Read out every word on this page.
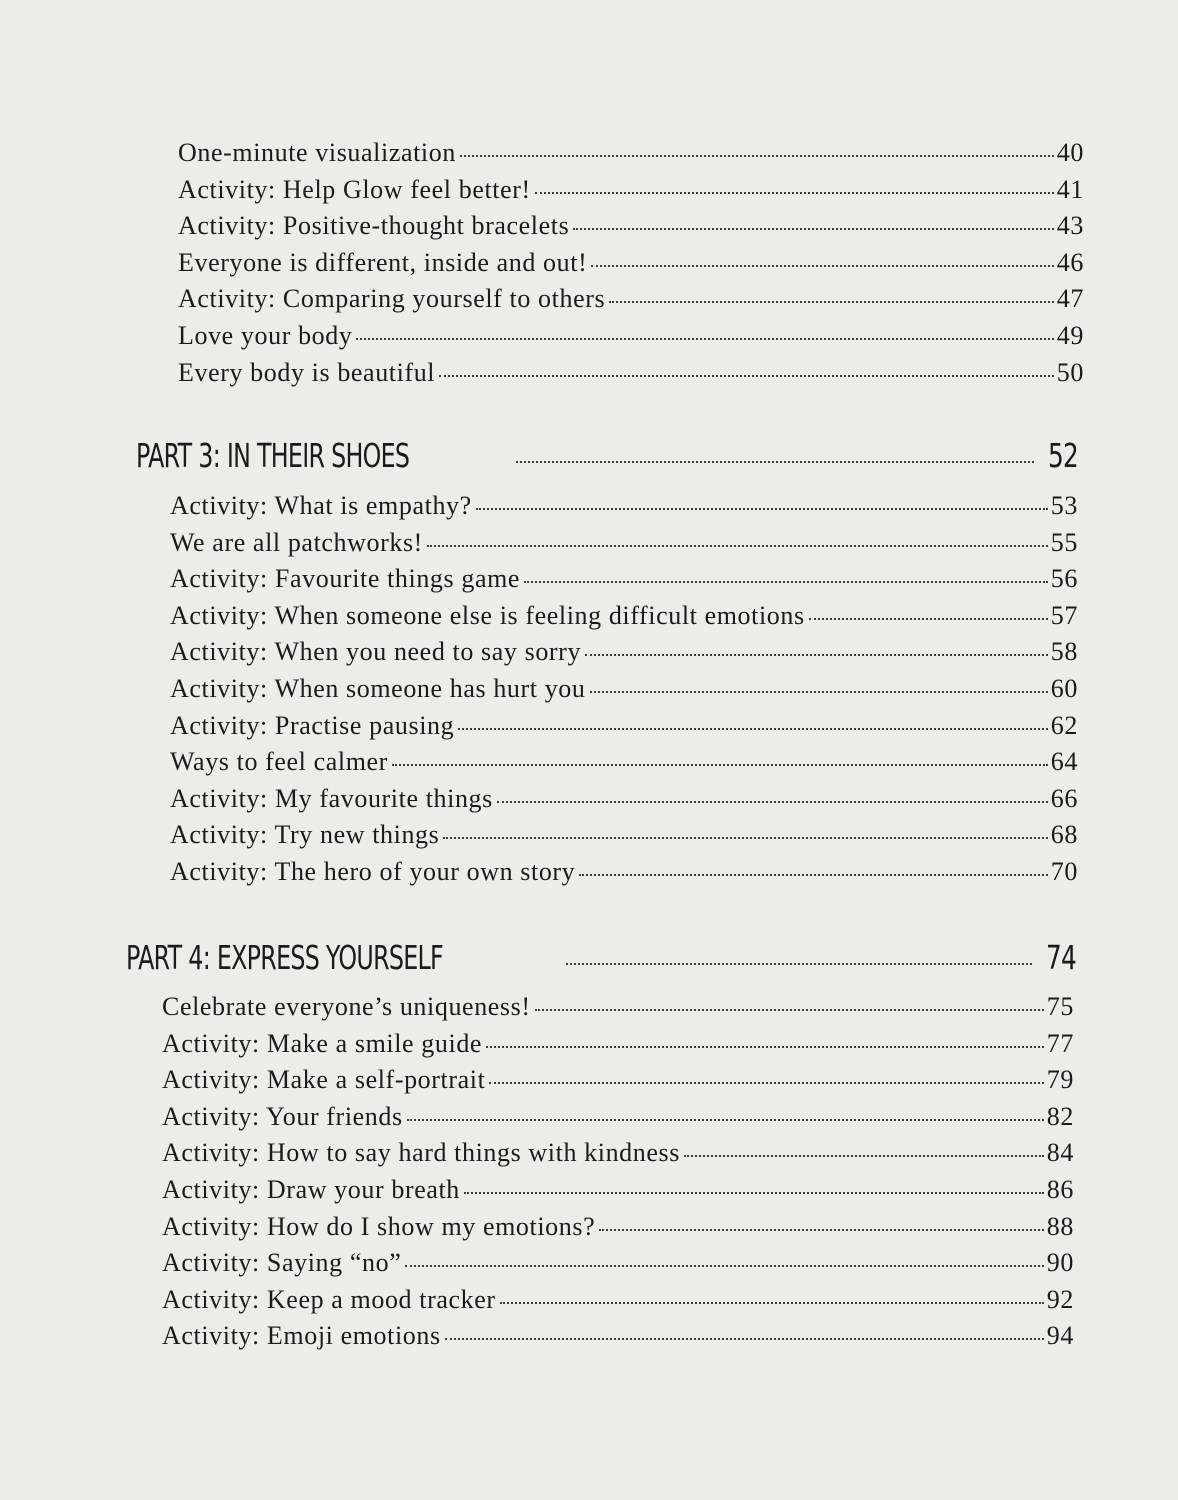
One-minute visualization	40
Activity: Help Glow feel better!	41
Activity: Positive-thought bracelets	43
Everyone is different, inside and out!	46
Activity: Comparing yourself to others	47
Love your body	49
Every body is beautiful	50
PART 3: IN THEIR SHOES	52
Activity: What is empathy?	53
We are all patchworks!	55
Activity: Favourite things game	56
Activity: When someone else is feeling difficult emotions	57
Activity: When you need to say sorry	58
Activity: When someone has hurt you	60
Activity: Practise pausing	62
Ways to feel calmer	64
Activity: My favourite things	66
Activity: Try new things	68
Activity: The hero of your own story	70
PART 4: EXPRESS YOURSELF	74
Celebrate everyone’s uniqueness!	75
Activity: Make a smile guide	77
Activity: Make a self-portrait	79
Activity: Your friends	82
Activity: How to say hard things with kindness	84
Activity: Draw your breath	86
Activity: How do I show my emotions?	88
Activity: Saying “no”	90
Activity: Keep a mood tracker	92
Activity: Emoji emotions	94
